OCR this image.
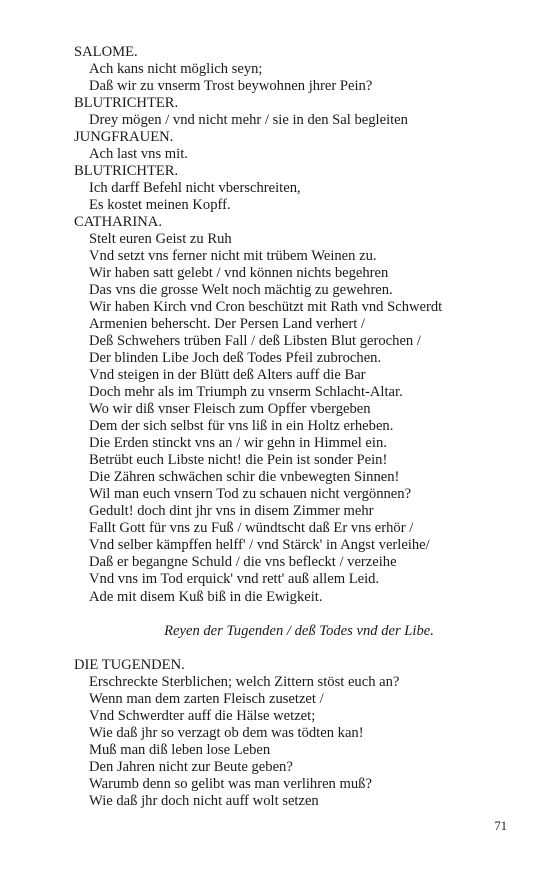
SALOME.
Ach kans nicht möglich seyn;
Daß wir zu vnserm Trost beywohnen jhrer Pein?
BLUTRICHTER.
Drey mögen / vnd nicht mehr / sie in den Sal begleiten
JUNGFRAUEN.
Ach last vns mit.
BLUTRICHTER.
Ich darff Befehl nicht vberschreiten,
Es kostet meinen Kopff.
CATHARINA.
Stelt euren Geist zu Ruh
Vnd setzt vns ferner nicht mit trübem Weinen zu.
Wir haben satt gelebt / vnd können nichts begehren
Das vns die grosse Welt noch mächtig zu gewehren.
Wir haben Kirch vnd Cron beschützt mit Rath vnd Schwerdt
Armenien beherscht. Der Persen Land verhert /
Deß Schwehers trüben Fall / deß Libsten Blut gerochen /
Der blinden Libe Joch deß Todes Pfeil zubrochen.
Vnd steigen in der Blütt deß Alters auff die Bar
Doch mehr als im Triumph zu vnserm Schlacht-Altar.
Wo wir diß vnser Fleisch zum Opffer vbergeben
Dem der sich selbst für vns liß in ein Holtz erheben.
Die Erden stinckt vns an / wir gehn in Himmel ein.
Betrübt euch Libste nicht! die Pein ist sonder Pein!
Die Zähren schwächen schir die vnbewegten Sinnen!
Wil man euch vnsern Tod zu schauen nicht vergönnen?
Gedult! doch dint jhr vns in disem Zimmer mehr
Fallt Gott für vns zu Fuß / wündtscht daß Er vns erhör /
Vnd selber kämpffen helff' / vnd Stärck' in Angst verleihe/
Daß er begangne Schuld / die vns befleckt / verzeihe
Vnd vns im Tod erquick' vnd rett' auß allem Leid.
Ade mit disem Kuß biß in die Ewigkeit.
Reyen der Tugenden / deß Todes vnd der Libe.
DIE TUGENDEN.
Erschreckte Sterblichen; welch Zittern stöst euch an?
Wenn man dem zarten Fleisch zusetzet /
Vnd Schwerdter auff die Hälse wetzet;
Wie daß jhr so verzagt ob dem was tödten kan!
Muß man diß leben lose Leben
Den Jahren nicht zur Beute geben?
Warumb denn so gelibt was man verlihren muß?
Wie daß jhr doch nicht auff wolt setzen
71
